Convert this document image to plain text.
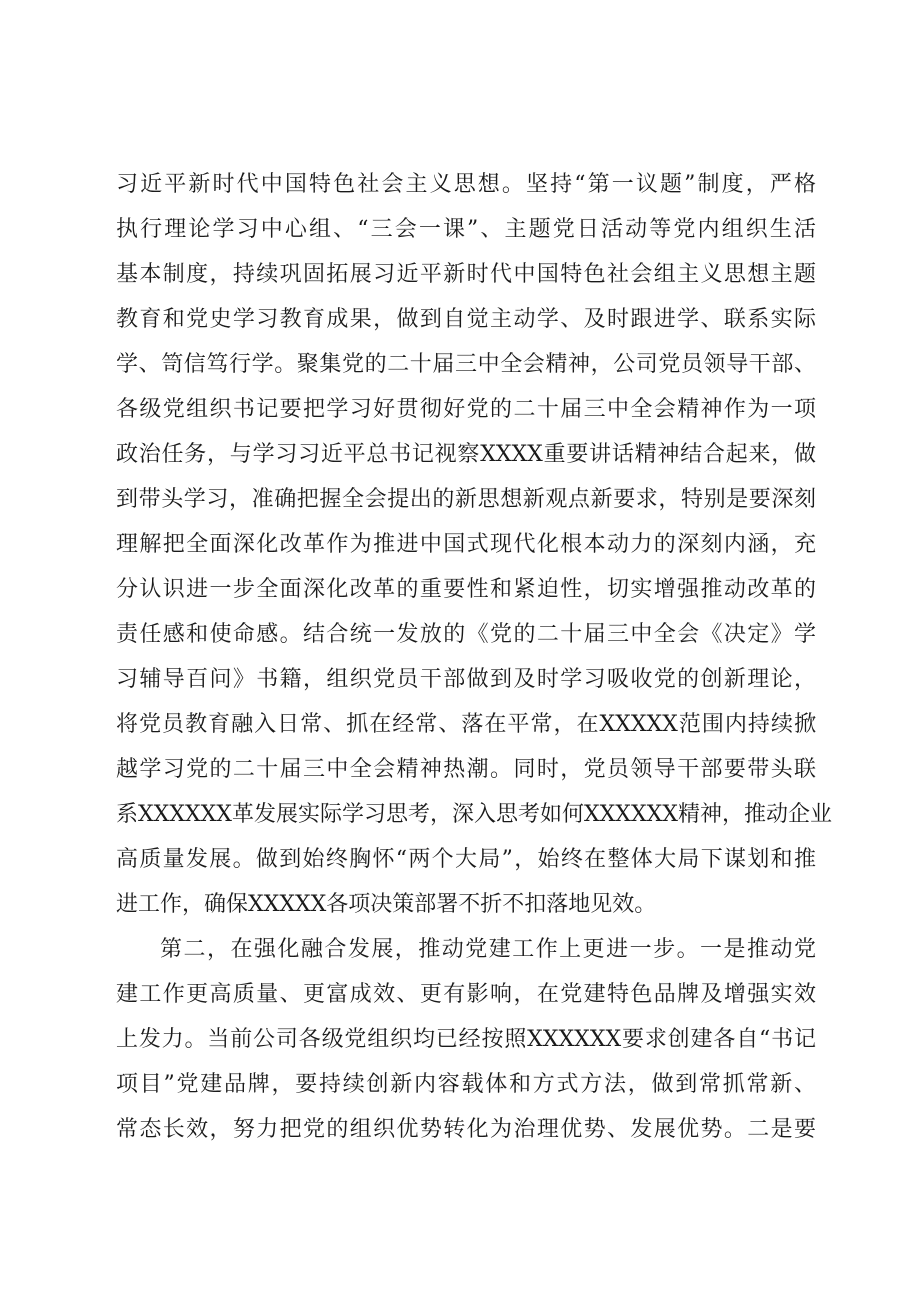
习近平新时代中国特色社会主义思想。坚持“第一议题”制度，严格
执行理论学习中心组、“三会一课”、主题党日活动等党内组织生活
基本制度，持续巩固拓展习近平新时代中国特色社会组主义思想主题
教育和党史学习教育成果，做到自觉主动学、及时跟进学、联系实际
学、笥信笃行学。聚集党的二十届三中全会精神，公司党员领导干部、
各级党组织书记要把学习好贯彻好党的二十届三中全会精神作为一项
政治任务，与学习习近平总书记视察XXXX重要讲话精神结合起来，做
到带头学习，准确把握全会提出的新思想新观点新要求，特别是要深刻
理解把全面深化改革作为推进中国式现代化根本动力的深刻内涵，充
分认识进一步全面深化改革的重要性和紧迫性，切实增强推动改革的
责任感和使命感。结合统一发放的《党的二十届三中全会《决定》学
习辅导百问》书籍，组织党员干部做到及时学习吸收党的创新理论，
将党员教育融入日常、抓在经常、落在平常，在XXXXX范围内持续掀
越学习党的二十届三中全会精神热潮。同时，党员领导干部要带头联
系XXXXXX革发展实际学习思考，深入思考如何XXXXXX精神，推动企业
高质量发展。做到始终胸怀“两个大局”，始终在整体大局下谋划和推
进工作，确保XXXXX各项决策部署不折不扣落地见效。
第二，在强化融合发展，推动党建工作上更进一步。一是推动党
建工作更高质量、更富成效、更有影响，在党建特色品牌及增强实效
上发力。当前公司各级党组织均已经按照XXXXXX要求创建各自“书记
项目”党建品牌，要持续创新内容载体和方式方法，做到常抓常新、
常态长效，努力把党的组织优势转化为治理优势、发展优势。二是要
